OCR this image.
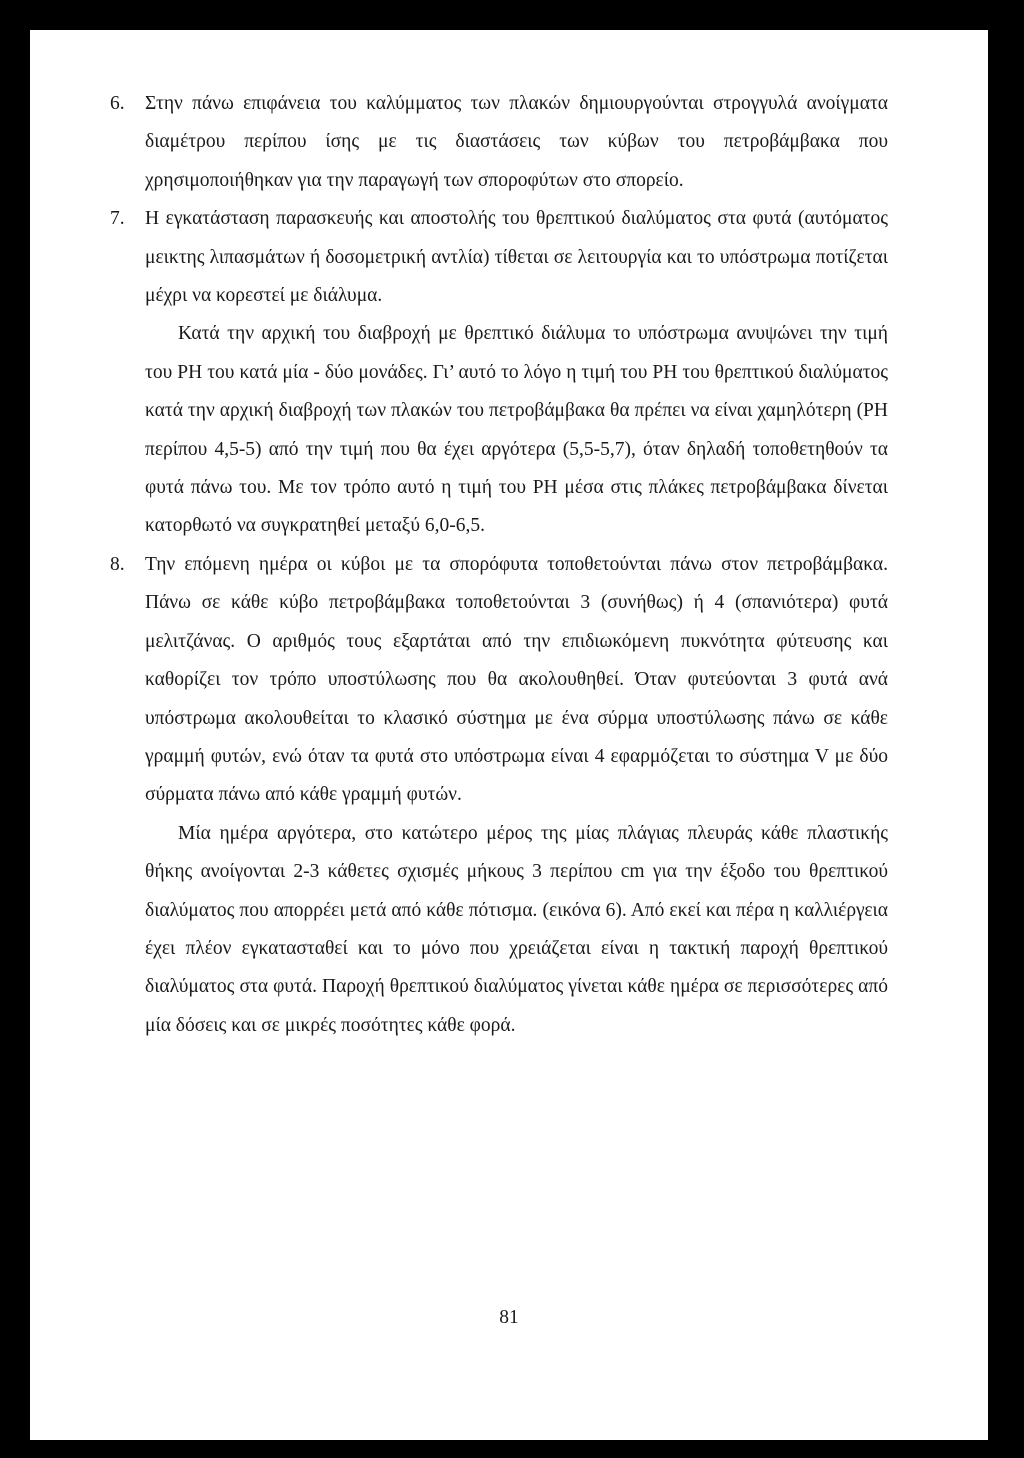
6. Στην πάνω επιφάνεια του καλύμματος των πλακών δημιουργούνται στρογγυλά ανοίγματα διαμέτρου περίπου ίσης με τις διαστάσεις των κύβων του πετροβάμβακα που χρησιμοποιήθηκαν για την παραγωγή των σποροφύτων στο σπορείο.

7. Η εγκατάσταση παρασκευής και αποστολής του θρεπτικού διαλύματος στα φυτά (αυτόματος μεικτης λιπασμάτων ή δοσομετρική αντλία) τίθεται σε λειτουργία και το υπόστρωμα ποτίζεται μέχρι να κορεστεί με διάλυμα.

Κατά την αρχική του διαβροχή με θρεπτικό διάλυμα το υπόστρωμα ανυψώνει την τιμή του PH του κατά μία - δύο μονάδες. Γι’ αυτό το λόγο η τιμή του PH του θρεπτικού διαλύματος κατά την αρχική διαβροχή των πλακών του πετροβάμβακα θα πρέπει να είναι χαμηλότερη (PH περίπου 4,5-5) από την τιμή που θα έχει αργότερα (5,5-5,7), όταν δηλαδή τοποθετηθούν τα φυτά πάνω του. Με τον τρόπο αυτό η τιμή του PH μέσα στις πλάκες πετροβάμβακα δίνεται κατορθωτό να συγκρατηθεί μεταξύ 6,0-6,5.

8. Την επόμενη ημέρα οι κύβοι με τα σπορόφυτα τοποθετούνται πάνω στον πετροβάμβακα. Πάνω σε κάθε κύβο πετροβάμβακα τοποθετούνται 3 (συνήθως) ή 4 (σπανιότερα) φυτά μελιτζάνας. Ο αριθμός τους εξαρτάται από την επιδιωκόμενη πυκνότητα φύτευσης και καθορίζει τον τρόπο υποστύλωσης που θα ακολουθηθεί. Όταν φυτεύονται 3 φυτά ανά υπόστρωμα ακολουθείται το κλασικό σύστημα με ένα σύρμα υποστύλωσης πάνω σε κάθε γραμμή φυτών, ενώ όταν τα φυτά στο υπόστρωμα είναι 4 εφαρμόζεται το σύστημα V με δύο σύρματα πάνω από κάθε γραμμή φυτών.

Μία ημέρα αργότερα, στο κατώτερο μέρος της μίας πλάγιας πλευράς κάθε πλαστικής θήκης ανοίγονται 2-3 κάθετες σχισμές μήκους 3 περίπου cm για την έξοδο του θρεπτικού διαλύματος που απορρέει μετά από κάθε πότισμα. (εικόνα 6). Από εκεί και πέρα η καλλιέργεια έχει πλέον εγκατασταθεί και το μόνο που χρειάζεται είναι η τακτική παροχή θρεπτικού διαλύματος στα φυτά. Παροχή θρεπτικού διαλύματος γίνεται κάθε ημέρα σε περισσότερες από μία δόσεις και σε μικρές ποσότητες κάθε φορά.

81
